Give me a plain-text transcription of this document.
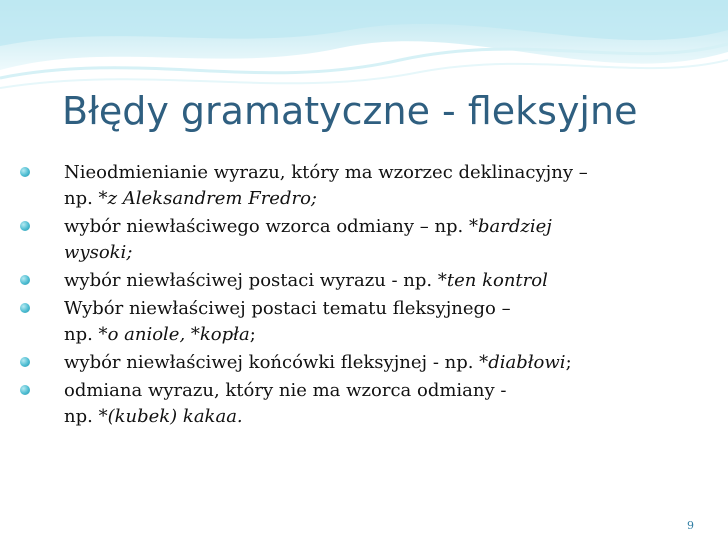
Błędy gramatyczne - fleksyjne
Nieodmienianie wyrazu, który ma wzorzec deklinacyjny –
np. *z Aleksandrem Fredro;
wybór niewłaściwego wzorca odmiany – np. *bardziej
wysoki;
wybór niewłaściwej postaci wyrazu - np. *ten kontrol
Wybór niewłaściwej postaci tematu fleksyjnego –
np. *o aniole, *kopła;
wybór niewłaściwej końcówki fleksyjnej - np. *diabłowi;
odmiana wyrazu, który nie ma wzorca odmiany -
np. *(kubek) kakaa.
9
